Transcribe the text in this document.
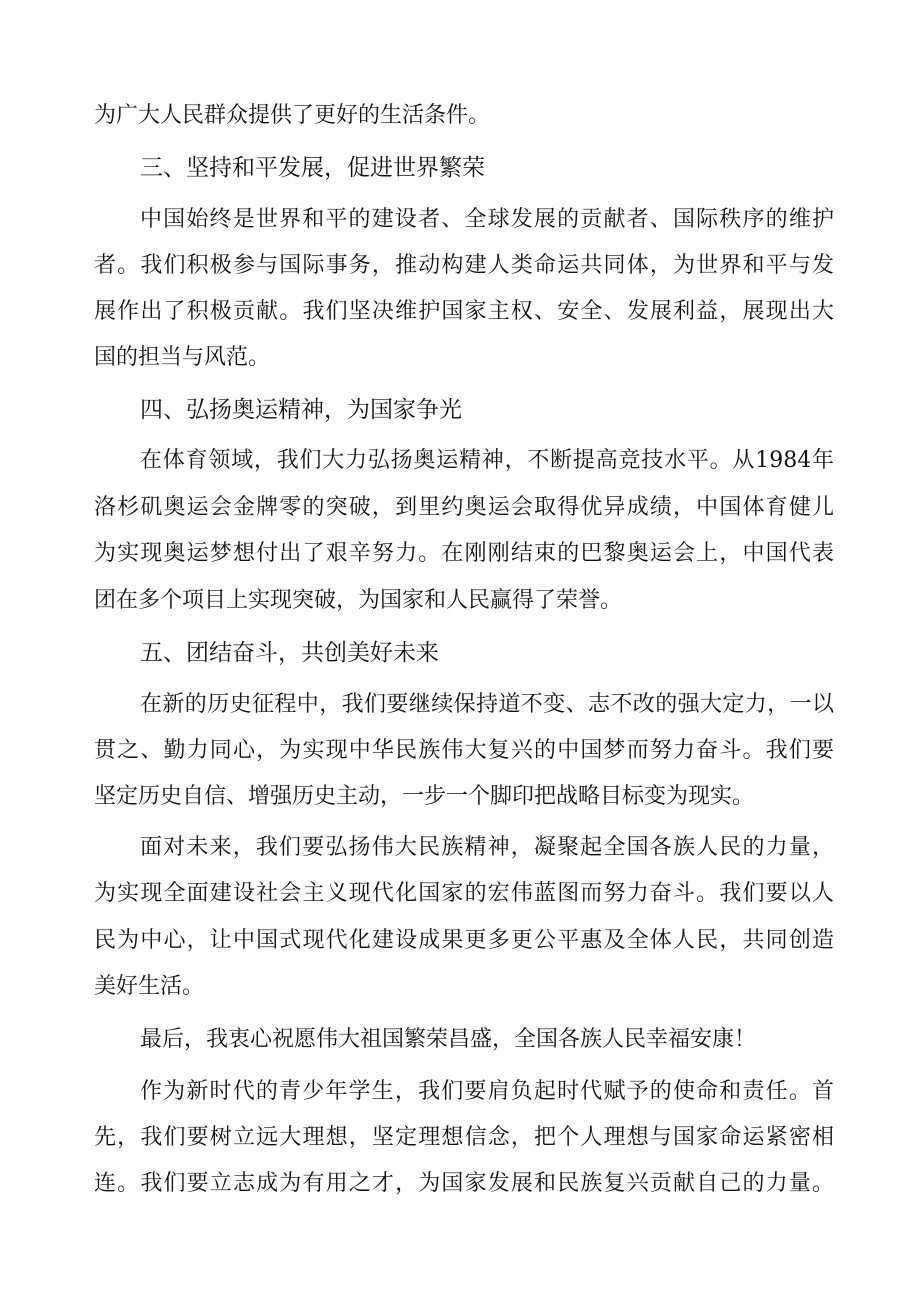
为广大人民群众提供了更好的生活条件。
三、坚持和平发展，促进世界繁荣
中国始终是世界和平的建设者、全球发展的贡献者、国际秩序的维护
者。我们积极参与国际事务，推动构建人类命运共同体，为世界和平与发
展作出了积极贡献。我们坚决维护国家主权、安全、发展利益，展现出大
国的担当与风范。
四、弘扬奥运精神，为国家争光
在体育领域，我们大力弘扬奥运精神，不断提高竞技水平。从1984年
洛杉矶奥运会金牌零的突破，到里约奥运会取得优异成绩，中国体育健儿
为实现奥运梦想付出了艰辛努力。在刚刚结束的巴黎奥运会上，中国代表
团在多个项目上实现突破，为国家和人民赢得了荣誉。
五、团结奋斗，共创美好未来
在新的历史征程中，我们要继续保持道不变、志不改的强大定力，一以
贯之、勤力同心，为实现中华民族伟大复兴的中国梦而努力奋斗。我们要
坚定历史自信、增强历史主动，一步一个脚印把战略目标变为现实。
面对未来，我们要弘扬伟大民族精神，凝聚起全国各族人民的力量，
为实现全面建设社会主义现代化国家的宏伟蓝图而努力奋斗。我们要以人
民为中心，让中国式现代化建设成果更多更公平惠及全体人民，共同创造
美好生活。
最后，我衷心祝愿伟大祖国繁荣昌盛，全国各族人民幸福安康！
作为新时代的青少年学生，我们要肩负起时代赋予的使命和责任。首
先，我们要树立远大理想，坚定理想信念，把个人理想与国家命运紧密相
连。我们要立志成为有用之才，为国家发展和民族复兴贡献自己的力量。
